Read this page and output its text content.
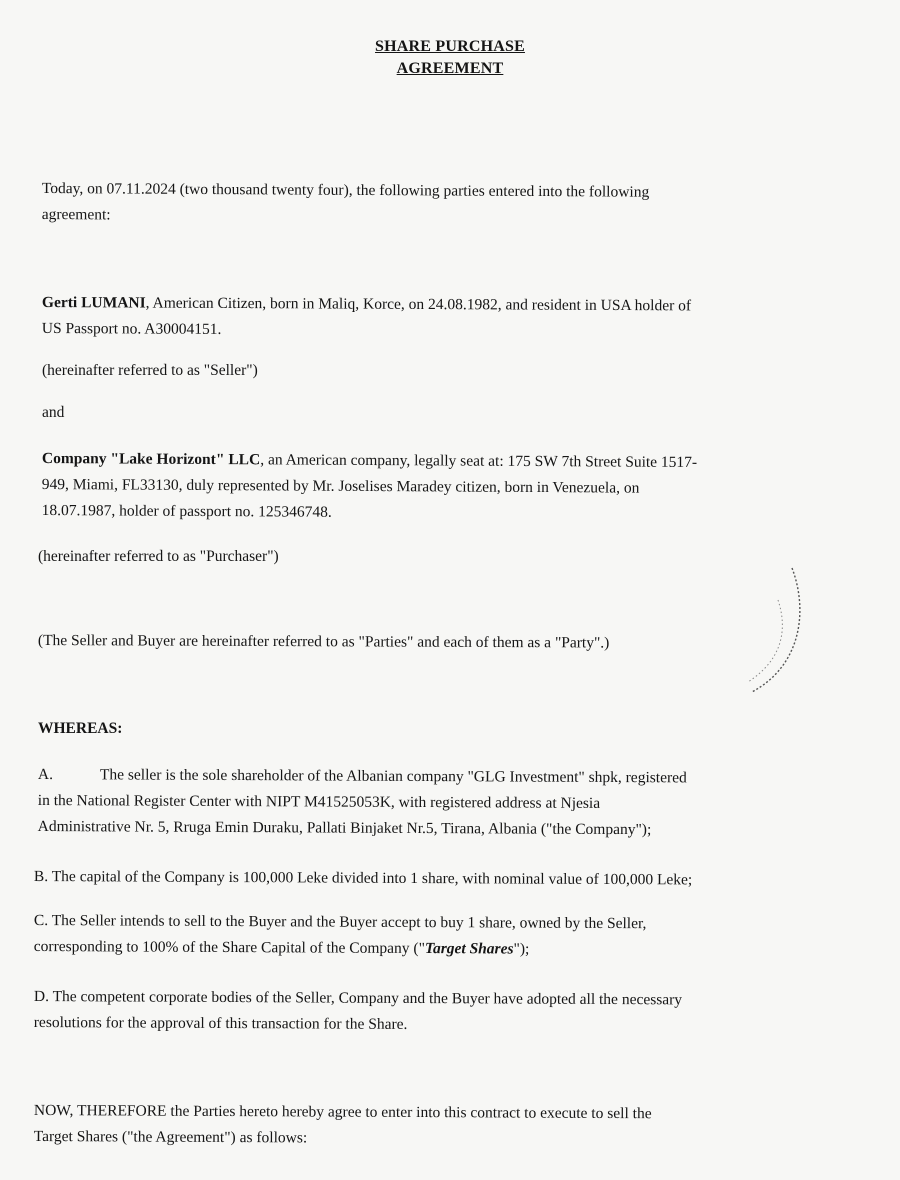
SHARE PURCHASE
AGREEMENT
Today, on 07.11.2024 (two thousand twenty four), the following parties entered into the following
agreement:
Gerti LUMANI, American Citizen, born in Maliq, Korce, on 24.08.1982, and resident in USA holder of
US Passport no. A30004151.
(hereinafter referred to as "Seller")
and
Company "Lake Horizont" LLC, an American company, legally seat at: 175 SW 7th Street Suite 1517-
949, Miami, FL33130, duly represented by Mr. Joselises Maradey citizen, born in Venezuela, on
18.07.1987, holder of passport no. 125346748.
(hereinafter referred to as "Purchaser")
(The Seller and Buyer are hereinafter referred to as "Parties" and each of them as a "Party".)
WHEREAS:
A.	The seller is the sole shareholder of the Albanian company "GLG Investment" shpk, registered
in the National Register Center with NIPT M41525053K, with registered address at Njesia
Administrative Nr. 5, Rruga Emin Duraku, Pallati Binjaket Nr.5, Tirana, Albania ("the Company");
B. The capital of the Company is 100,000 Leke divided into 1 share, with nominal value of 100,000 Leke;
C. The Seller intends to sell to the Buyer and the Buyer accept to buy 1 share, owned by the Seller,
corresponding to 100% of the Share Capital of the Company ("Target Shares");
D. The competent corporate bodies of the Seller, Company and the Buyer have adopted all the necessary
resolutions for the approval of this transaction for the Share.
NOW, THEREFORE the Parties hereto hereby agree to enter into this contract to execute to sell the
Target Shares ("the Agreement") as follows:
